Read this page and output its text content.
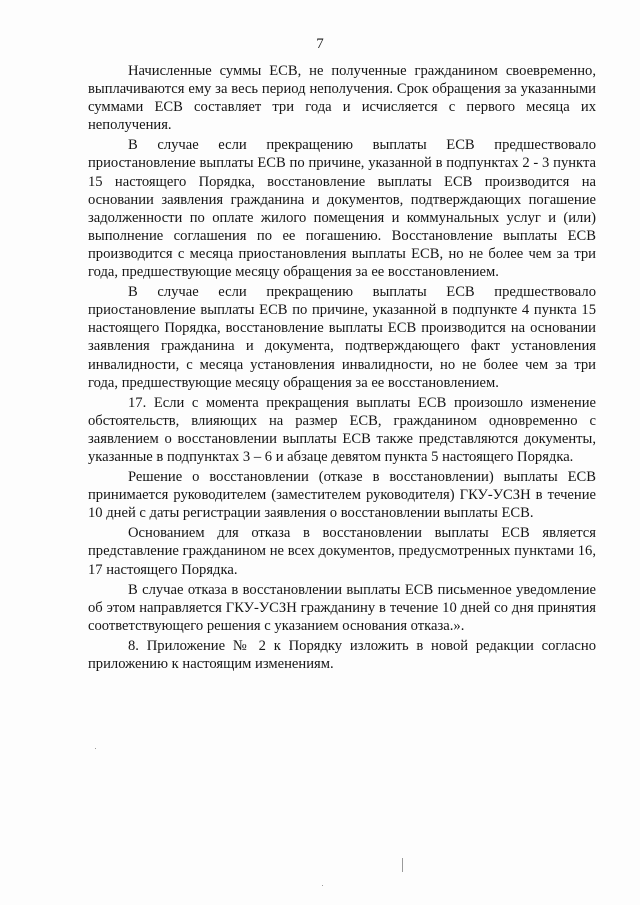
7

Начисленные суммы ЕСВ, не полученные гражданином своевременно, выплачиваются ему за весь период неполучения. Срок обращения за указанными суммами ЕСВ составляет три года и исчисляется с первого месяца их неполучения.

В случае если прекращению выплаты ЕСВ предшествовало приостановление выплаты ЕСВ по причине, указанной в подпунктах 2 - 3 пункта 15 настоящего Порядка, восстановление выплаты ЕСВ производится на основании заявления гражданина и документов, подтверждающих погашение задолженности по оплате жилого помещения и коммунальных услуг и (или) выполнение соглашения по ее погашению. Восстановление выплаты ЕСВ производится с месяца приостановления выплаты ЕСВ, но не более чем за три года, предшествующие месяцу обращения за ее восстановлением.

В случае если прекращению выплаты ЕСВ предшествовало приостановление выплаты ЕСВ по причине, указанной в подпункте 4 пункта 15 настоящего Порядка, восстановление выплаты ЕСВ производится на основании заявления гражданина и документа, подтверждающего факт установления инвалидности, с месяца установления инвалидности, но не более чем за три года, предшествующие месяцу обращения за ее восстановлением.

17. Если с момента прекращения выплаты ЕСВ произошло изменение обстоятельств, влияющих на размер ЕСВ, гражданином одновременно с заявлением о восстановлении выплаты ЕСВ также представляются документы, указанные в подпунктах 3 – 6 и абзаце девятом пункта 5 настоящего Порядка.

Решение о восстановлении (отказе в восстановлении) выплаты ЕСВ принимается руководителем (заместителем руководителя) ГКУ-УСЗН в течение 10 дней с даты регистрации заявления о восстановлении выплаты ЕСВ.

Основанием для отказа в восстановлении выплаты ЕСВ является представление гражданином не всех документов, предусмотренных пунктами 16, 17 настоящего Порядка.

В случае отказа в восстановлении выплаты ЕСВ письменное уведомление об этом направляется ГКУ-УСЗН гражданину в течение 10 дней со дня принятия соответствующего решения с указанием основания отказа.».

8. Приложение № 2 к Порядку изложить в новой редакции согласно приложению к настоящим изменениям.
